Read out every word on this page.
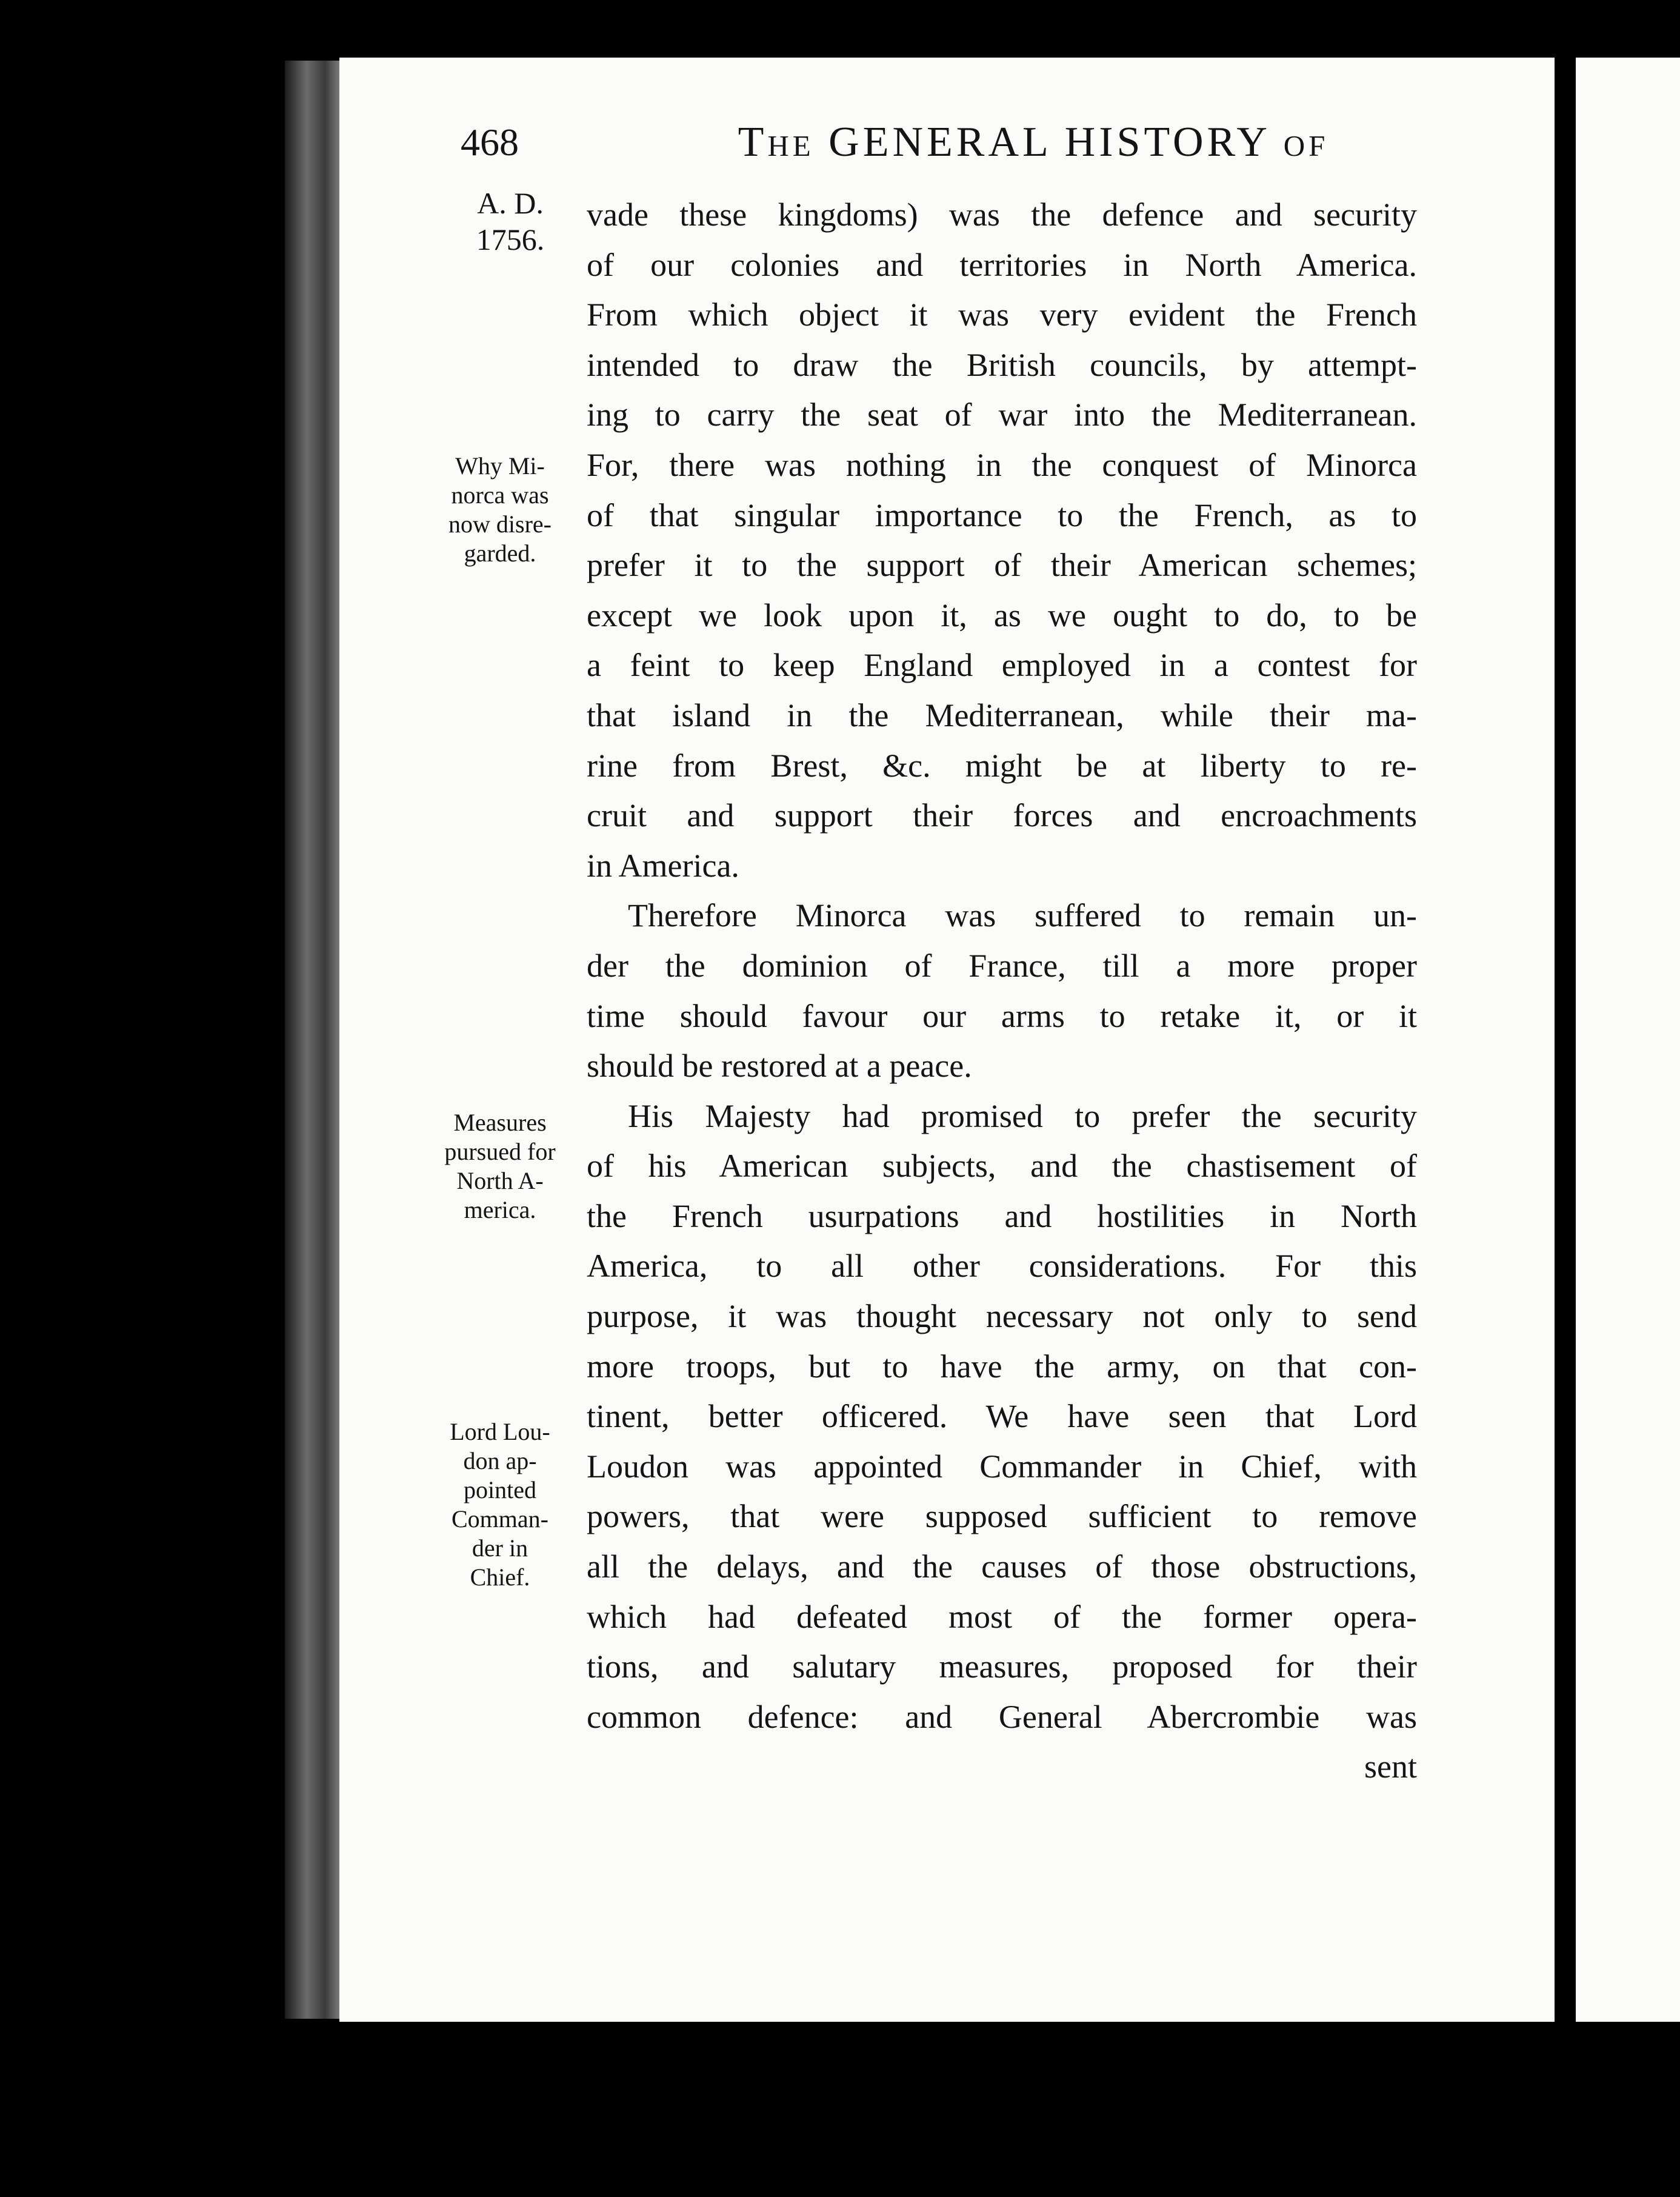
468	The GENERAL HISTORY of
A. D.
1756.
Why Mi-
norca was
now disre-
garded.
Measures
pursued for
North A-
merica.
Lord Lou-
don ap-
pointed
Comman-
der in
Chief.
vade these kingdoms) was the defence and security
of our colonies and territories in North America.
From which object it was very evident the French
intended to draw the British councils, by attempt-
ing to carry the seat of war into the Mediterranean.
For, there was nothing in the conquest of Minorca
of that singular importance to the French, as to
prefer it to the support of their American schemes;
except we look upon it, as we ought to do, to be
a feint to keep England employed in a contest for
that island in the Mediterranean, while their ma-
rine from Brest, &c. might be at liberty to re-
cruit and support their forces and encroachments
in America.
Therefore Minorca was suffered to remain un-
der the dominion of France, till a more proper
time should favour our arms to retake it, or it
should be restored at a peace.
His Majesty had promised to prefer the security
of his American subjects, and the chastisement of
the French usurpations and hostilities in North
America, to all other considerations. For this
purpose, it was thought necessary not only to send
more troops, but to have the army, on that con-
tinent, better officered. We have seen that Lord
Loudon was appointed Commander in Chief, with
powers, that were supposed sufficient to remove
all the delays, and the causes of those obstructions,
which had defeated most of the former opera-
tions, and salutary measures, proposed for their
common defence: and General Abercrombie was
sent
